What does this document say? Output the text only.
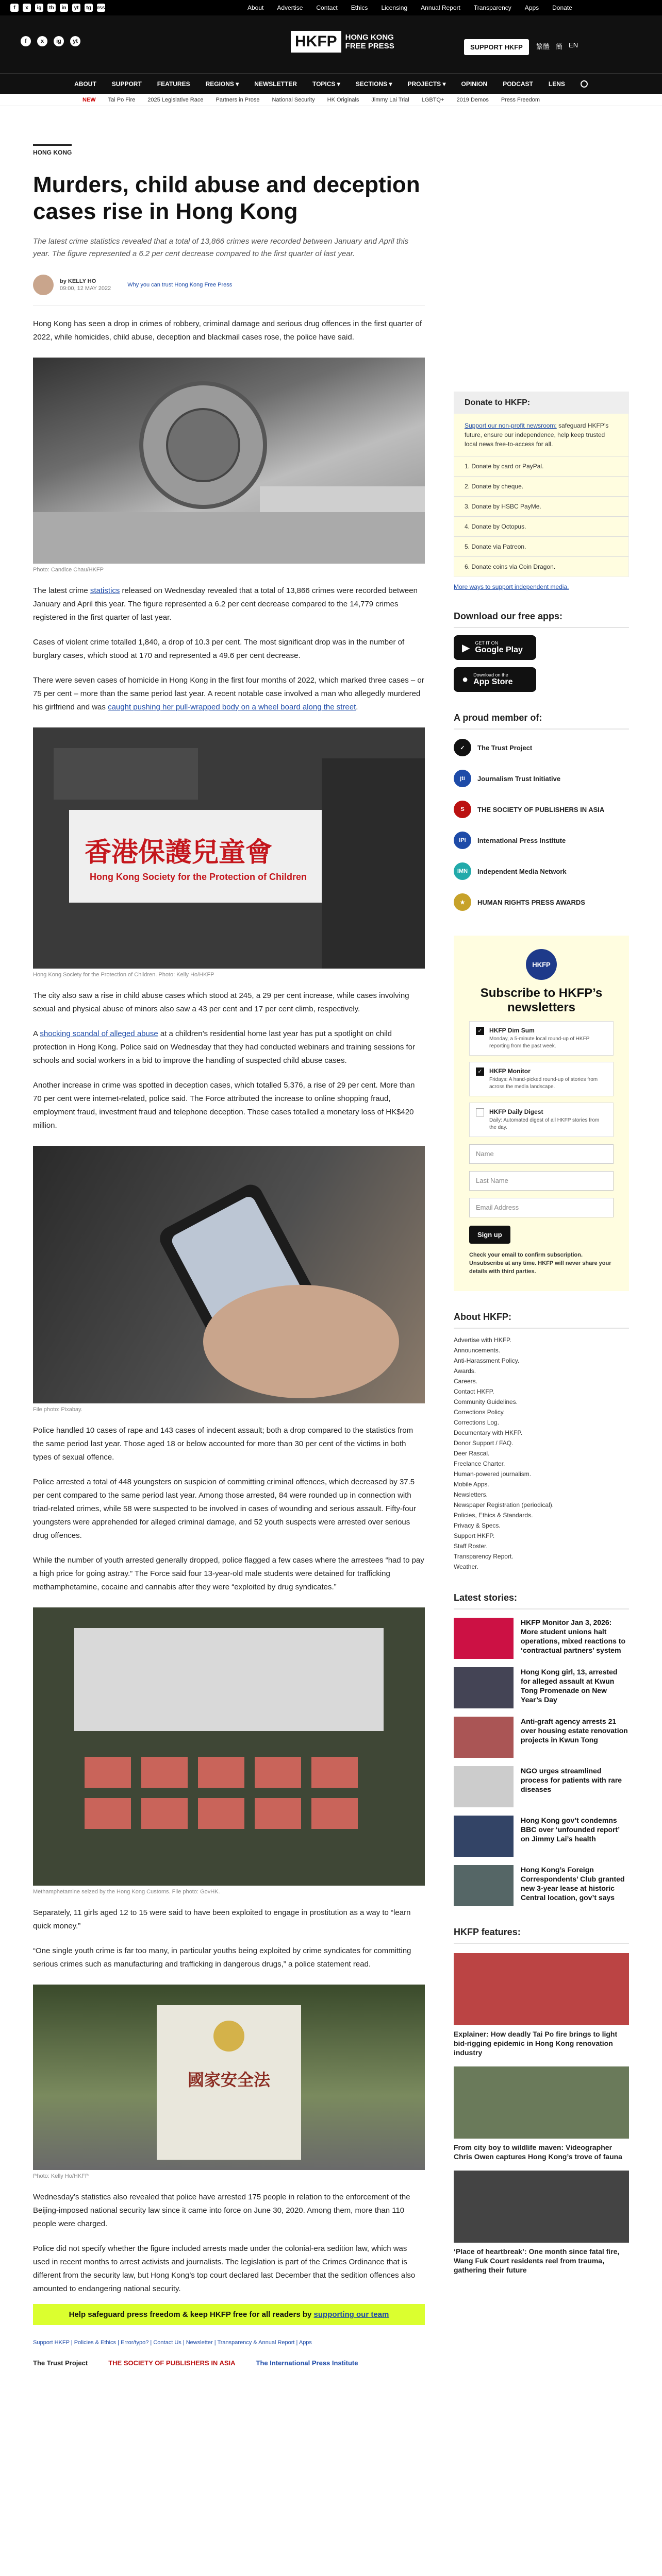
f	x	ig	th	in	yt	tg	rss	About Advertise Contact Ethics Licensing Annual Report Transparency Apps Donate
f	x	ig	yt	HKFP	HONG KONG
FREE PRESS	SUPPORT HKFP	繁體 簡 EN
ABOUT	SUPPORT	FEATURES	REGIONS ▾	NEWSLETTER	TOPICS ▾	SECTIONS ▾	PROJECTS ▾	OPINION	PODCAST	LENS
NEW Tai Po Fire 2025 Legislative Race Partners in Prose National Security HK Originals Jimmy Lai Trial LGBTQ+ 2019 Demos Press Freedom
HONG KONG
Murders, child abuse and deception cases rise in Hong Kong

The latest crime statistics revealed that a total of 13,866 crimes were recorded between January and April this year. The figure represented a 6.2 per cent decrease compared to the first quarter of last year.

by KELLY HO
09:00, 12 MAY 2022
Why you can trust Hong Kong Free Press

Hong Kong has seen a drop in crimes of robbery, criminal damage and serious drug offences in the first quarter of 2022, while homicides, child abuse, deception and blackmail cases rose, the police have said.

Photo: Candice Chau/HKFP

The latest crime statistics released on Wednesday revealed that a total of 13,866 crimes were recorded between January and April this year. The figure represented a 6.2 per cent decrease compared to the 14,779 crimes registered in the first quarter of last year.

Cases of violent crime totalled 1,840, a drop of 10.3 per cent. The most significant drop was in the number of burglary cases, which stood at 170 and represented a 49.6 per cent decrease.

There were seven cases of homicide in Hong Kong in the first four months of 2022, which marked three cases – or 75 per cent – more than the same period last year. A recent notable case involved a man who allegedly murdered his girlfriend and was caught pushing her pull-wrapped body on a wheel board along the street.

香港保護兒童會
Hong Kong Society for the Protection of Children
Hong Kong Society for the Protection of Children. Photo: Kelly Ho/HKFP

The city also saw a rise in child abuse cases which stood at 245, a 29 per cent increase, while cases involving sexual and physical abuse of minors also saw a 43 per cent and 17 per cent climb, respectively.

A shocking scandal of alleged abuse at a children’s residential home last year has put a spotlight on child protection in Hong Kong. Police said on Wednesday that they had conducted webinars and training sessions for schools and social workers in a bid to improve the handling of suspected child abuse cases.

Another increase in crime was spotted in deception cases, which totalled 5,376, a rise of 29 per cent. More than 70 per cent were internet-related, police said. The Force attributed the increase to online shopping fraud, employment fraud, investment fraud and telephone deception. These cases totalled a monetary loss of HK$420 million.

File photo: Pixabay.

Police handled 10 cases of rape and 143 cases of indecent assault; both a drop compared to the statistics from the same period last year. Those aged 18 or below accounted for more than 30 per cent of the victims in both types of sexual offence.

Police arrested a total of 448 youngsters on suspicion of committing criminal offences, which decreased by 37.5 per cent compared to the same period last year. Among those arrested, 84 were rounded up in connection with triad-related crimes, while 58 were suspected to be involved in cases of wounding and serious assault. Fifty-four youngsters were apprehended for alleged criminal damage, and 52 youth suspects were arrested over serious drug offences.

While the number of youth arrested generally dropped, police flagged a few cases where the arrestees “had to pay a high price for going astray.” The Force said four 13-year-old male students were detained for trafficking methamphetamine, cocaine and cannabis after they were “exploited by drug syndicates.”

Methamphetamine seized by the Hong Kong Customs. File photo: GovHK.

Separately, 11 girls aged 12 to 15 were said to have been exploited to engage in prostitution as a way to “learn quick money.”

“One single youth crime is far too many, in particular youths being exploited by crime syndicates for committing serious crimes such as manufacturing and trafficking in dangerous drugs,” a police statement read.

國家安全法
Photo: Kelly Ho/HKFP

Wednesday’s statistics also revealed that police have arrested 175 people in relation to the enforcement of the Beijing-imposed national security law since it came into force on June 30, 2020. Among them, more than 110 people were charged.

Police did not specify whether the figure included arrests made under the colonial-era sedition law, which was used in recent months to arrest activists and journalists. The legislation is part of the Crimes Ordinance that is different from the security law, but Hong Kong’s top court declared last December that the sedition offences also amounted to endangering national security.

Help safeguard press freedom & keep HKFP free for all readers by supporting our team
Support HKFP | Policies & Ethics | Error/typo? | Contact Us | Newsletter | Transparency & Annual Report | Apps
The Trust Project	THE SOCIETY OF PUBLISHERS IN ASIA	The International Press Institute
Donate to HKFP:
Support our non-profit newsroom: safeguard HKFP’s future, ensure our independence, help keep trusted local news free-to-access for all.
1. Donate by card or PayPal.
2. Donate by cheque.
3. Donate by HSBC PayMe.
4. Donate by Octopus.
5. Donate via Patreon.
6. Donate coins via Coin Dragon.
More ways to support independent media.
Download our free apps:
▶ GET IT ON
Google Play
● Download on the
App Store
A proud member of:
✓	The Trust Project
jti	Journalism Trust Initiative
S	THE SOCIETY OF PUBLISHERS IN ASIA
IPI	International Press Institute
IMN	Independent Media Network
★	HUMAN RIGHTS PRESS AWARDS
HKFP
Subscribe to HKFP’s newsletters
✓ HKFP Dim Sum
Monday, a 5-minute local round-up of HKFP reporting from the past week.
✓ HKFP Monitor
Fridays: A hand-picked round-up of stories from across the media landscape.
HKFP Daily Digest
Daily: Automated digest of all HKFP stories from the day.
Name
Last Name
Email Address
Sign up
Check your email to confirm subscription. Unsubscribe at any time. HKFP will never share your details with third parties.
About HKFP:
Advertise with HKFP.
Announcements.
Anti-Harassment Policy.
Awards.
Careers.
Contact HKFP.
Community Guidelines.
Corrections Policy.
Corrections Log.
Documentary with HKFP.
Donor Support / FAQ.
Deer Rascal.
Freelance Charter.
Human-powered journalism.
Mobile Apps.
Newsletters.
Newspaper Registration (periodical).
Policies, Ethics & Standards.
Privacy & Specs.
Support HKFP.
Staff Roster.
Transparency Report.
Weather.
Latest stories:
HKFP Monitor Jan 3, 2026: More student unions halt operations, mixed reactions to ‘contractual partners’ system
Hong Kong girl, 13, arrested for alleged assault at Kwun Tong Promenade on New Year’s Day
Anti-graft agency arrests 21 over housing estate renovation projects in Kwun Tong
NGO urges streamlined process for patients with rare diseases
Hong Kong gov’t condemns BBC over ‘unfounded report’ on Jimmy Lai’s health
Hong Kong’s Foreign Correspondents’ Club granted new 3-year lease at historic Central location, gov’t says
HKFP features:
Explainer: How deadly Tai Po fire brings to light bid-rigging epidemic in Hong Kong renovation industry
From city boy to wildlife maven: Videographer Chris Owen captures Hong Kong’s trove of fauna
‘Place of heartbreak’: One month since fatal fire, Wang Fuk Court residents reel from trauma, gathering their future
